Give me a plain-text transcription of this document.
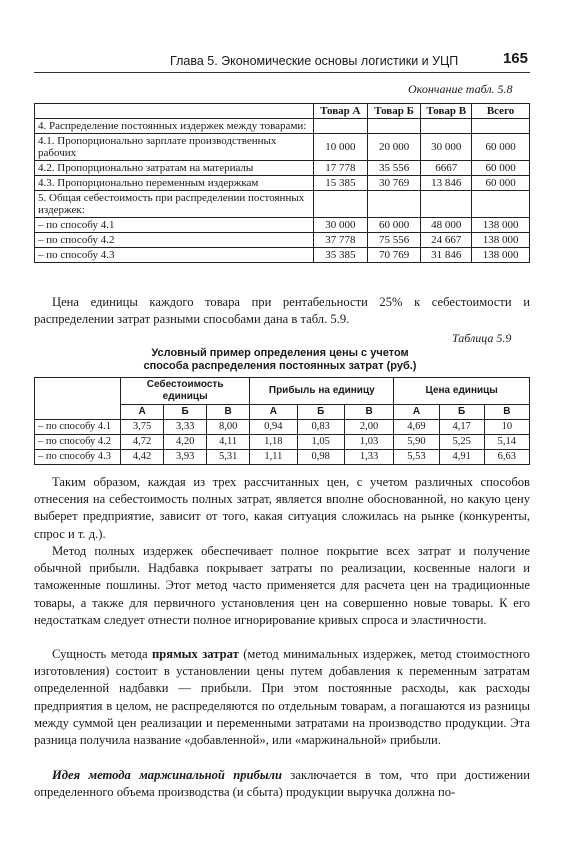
Глава 5. Экономические основы логистики и УЦП	165
Окончание табл. 5.8
	Товар А	Товар Б	Товар В	Всего
4. Распределение постоянных издержек между товарами:				
4.1. Пропорционально зарплате производственных рабочих	10 000	20 000	30 000	60 000
4.2. Пропорционально затратам на материалы	17 778	35 556	6667	60 000
4.3. Пропорционально переменным издержкам	15 385	30 769	13 846	60 000
5. Общая себестоимость при распределении постоянных издержек:				
– по способу 4.1	30 000	60 000	48 000	138 000
– по способу 4.2	37 778	75 556	24 667	138 000
– по способу 4.3	35 385	70 769	31 846	138 000
Цена единицы каждого товара при рентабельности 25% к себестоимости и распределении затрат разными способами дана в табл. 5.9.
Таблица 5.9
Условный пример определения цены с учетом
способа распределения постоянных затрат (руб.)
	Себестоимость единицы			Прибыль на единицу			Цена единицы		
	А	Б	В	А	Б	В	А	Б	В
– по способу 4.1	3,75	3,33	8,00	0,94	0,83	2,00	4,69	4,17	10
– по способу 4.2	4,72	4,20	4,11	1,18	1,05	1,03	5,90	5,25	5,14
– по способу 4.3	4,42	3,93	5,31	1,11	0,98	1,33	5,53	4,91	6,63
Таким образом, каждая из трех рассчитанных цен, с учетом различных способов отнесения на себестоимость полных затрат, является вполне обоснованной, но какую цену выберет предприятие, зависит от того, какая ситуация сложилась на рынке (конкуренты, спрос и т. д.).
Метод полных издержек обеспечивает полное покрытие всех затрат и получение обычной прибыли. Надбавка покрывает затраты по реализации, косвенные налоги и таможенные пошлины. Этот метод часто применяется для расчета цен на традиционные товары, а также для первичного установления цен на совершенно новые товары. К его недостаткам следует отнести полное игнорирование кривых спроса и эластичности.
Сущность метода прямых затрат (метод минимальных издержек, метод стоимостного изготовления) состоит в установлении цены путем добавления к переменным затратам определенной надбавки — прибыли. При этом постоянные расходы, как расходы предприятия в целом, не распределяются по отдельным товарам, а погашаются из разницы между суммой цен реализации и переменными затратами на производство продукции. Эта разница получила название «добавленной», или «маржинальной» прибыли.
Идея метода маржинальной прибыли заключается в том, что при достижении определенного объема производства (и сбыта) продукции выручка должна по-
